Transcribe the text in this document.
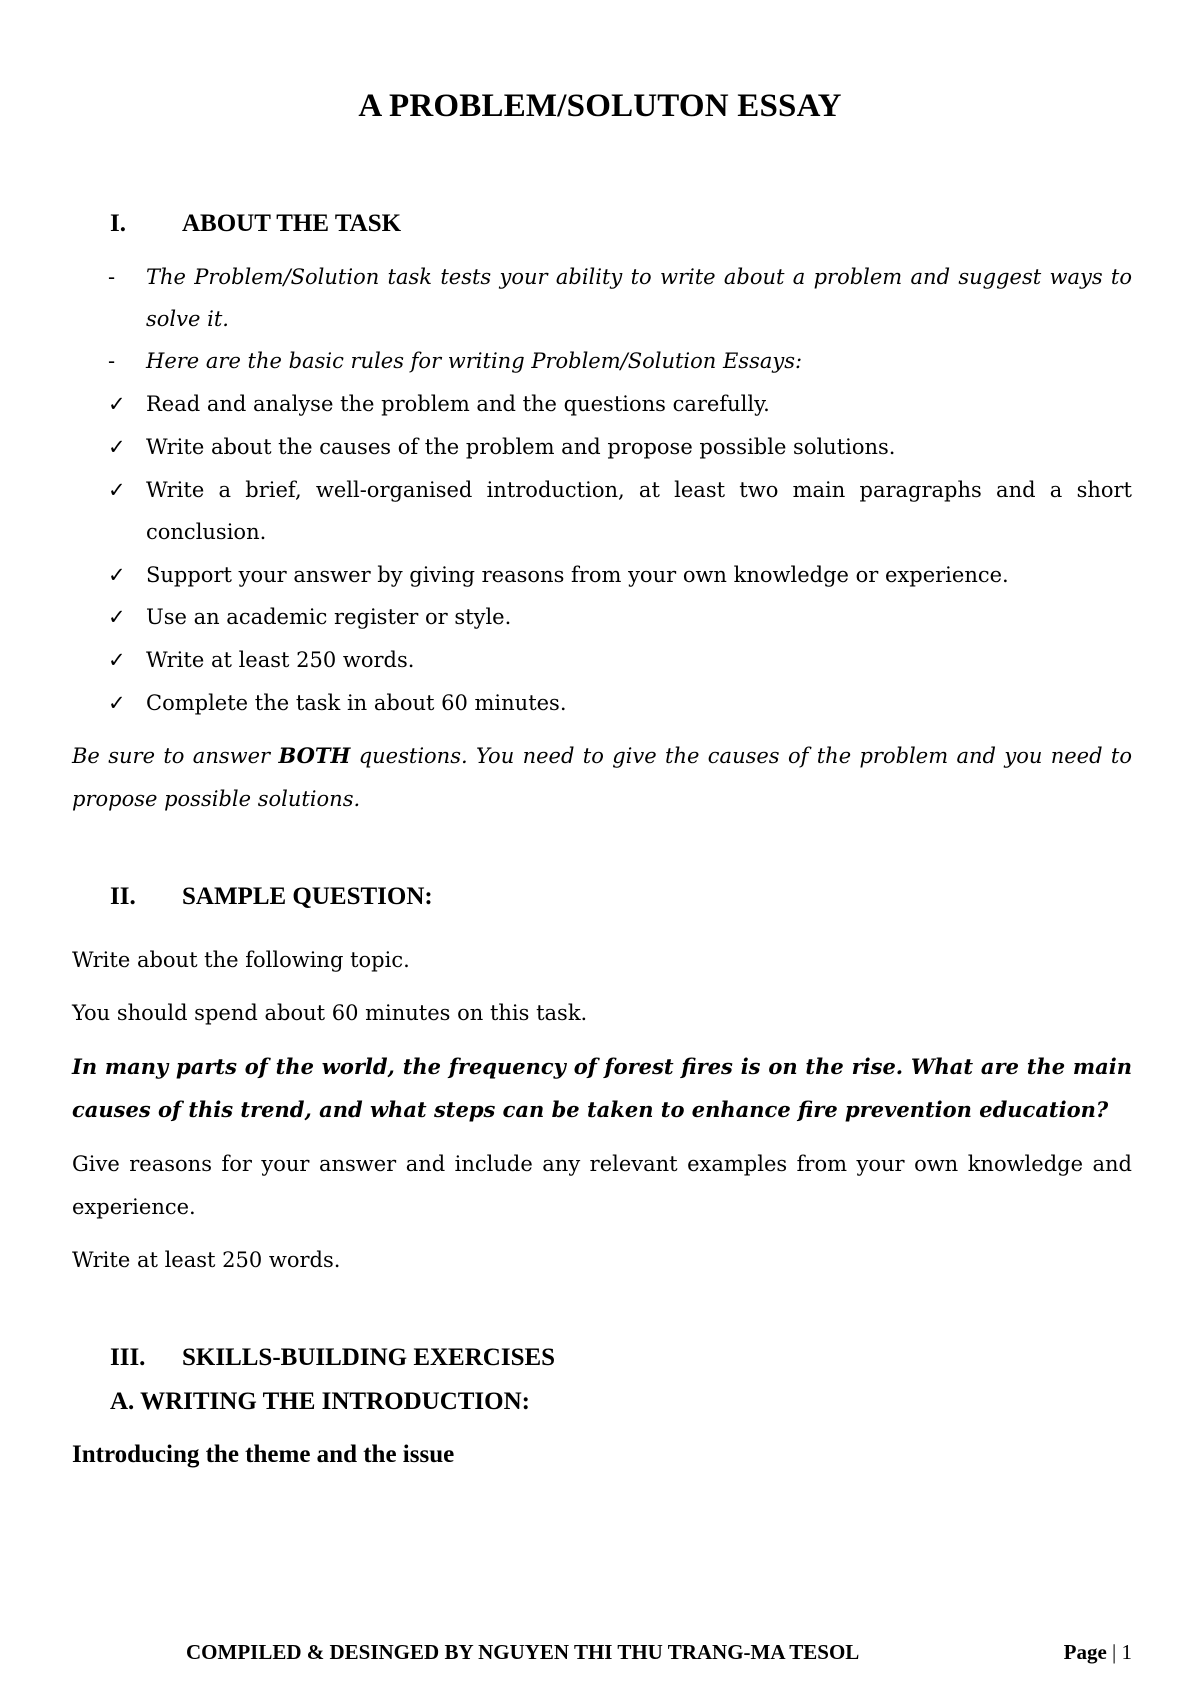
A PROBLEM/SOLUTON ESSAY
I. ABOUT THE TASK
- The Problem/Solution task tests your ability to write about a problem and suggest ways to
solve it.
- Here are the basic rules for writing Problem/Solution Essays:
✓ Read and analyse the problem and the questions carefully.
✓ Write about the causes of the problem and propose possible solutions.
✓ Write a brief, well-organised introduction, at least two main paragraphs and a short
conclusion.
✓ Support your answer by giving reasons from your own knowledge or experience.
✓ Use an academic register or style.
✓ Write at least 250 words.
✓ Complete the task in about 60 minutes.
Be sure to answer BOTH questions. You need to give the causes of the problem and you need to
propose possible solutions.
II. SAMPLE QUESTION:
Write about the following topic.
You should spend about 60 minutes on this task.
In many parts of the world, the frequency of forest fires is on the rise. What are the main
causes of this trend, and what steps can be taken to enhance fire prevention education?
Give reasons for your answer and include any relevant examples from your own knowledge and
experience.
Write at least 250 words.
III. SKILLS-BUILDING EXERCISES
A. WRITING THE INTRODUCTION:
Introducing the theme and the issue
COMPILED & DESINGED BY NGUYEN THI THU TRANG-MA TESOL	Page | 1
